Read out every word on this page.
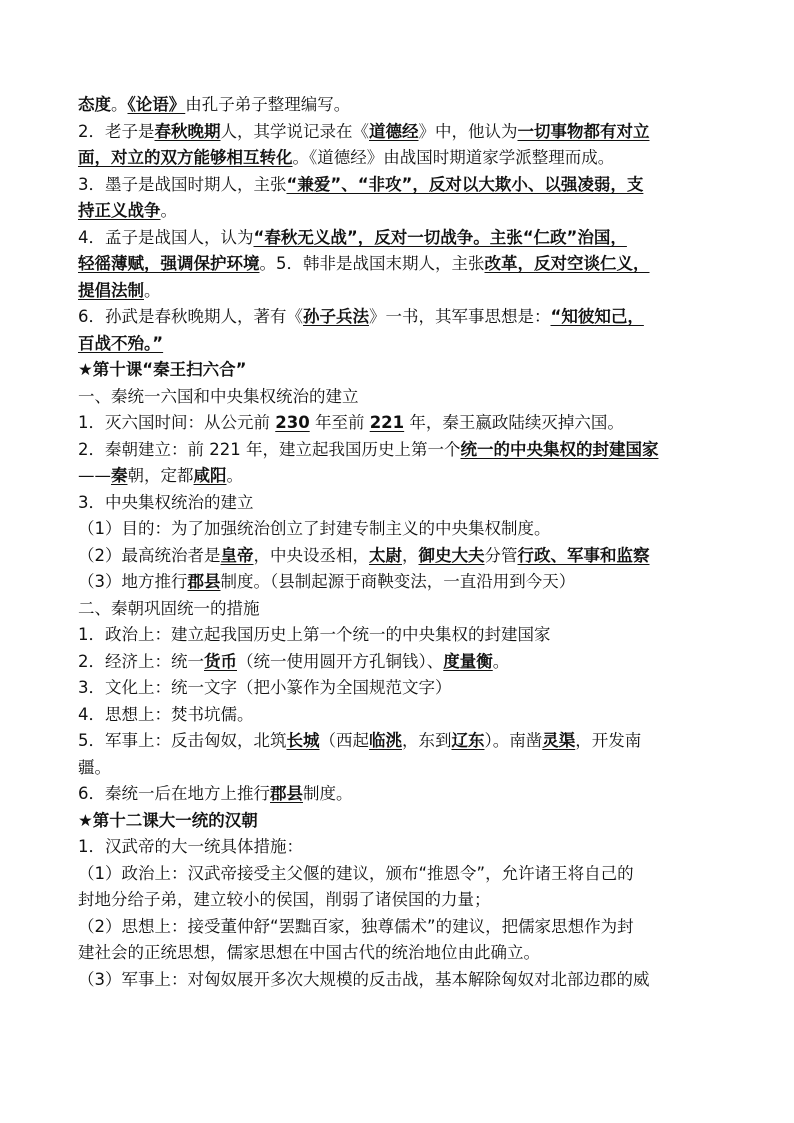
态度。《论语》由孔子弟子整理编写。
2．老子是春秋晚期人，其学说记录在《道德经》中，他认为一切事物都有对立
面，对立的双方能够相互转化。《道德经》由战国时期道家学派整理而成。
3．墨子是战国时期人，主张“兼爱”、“非攻”，反对以大欺小、以强凌弱，支
持正义战争。
4．孟子是战国人，认为“春秋无义战”，反对一切战争。主张“仁政”治国，
轻徭薄赋，强调保护环境。5．韩非是战国末期人，主张改革，反对空谈仁义，
提倡法制。
6．孙武是春秋晚期人，著有《孙子兵法》一书，其军事思想是：“知彼知己，
百战不殆。”
★第十课“秦王扫六合”
一、秦统一六国和中央集权统治的建立
1．灭六国时间：从公元前 230 年至前 221 年，秦王嬴政陆续灭掉六国。
2．秦朝建立：前 221 年，建立起我国历史上第一个统一的中央集权的封建国家
——秦朝，定都咸阳。
3．中央集权统治的建立
（1）目的：为了加强统治创立了封建专制主义的中央集权制度。
（2）最高统治者是皇帝，中央设丞相，太尉，御史大夫分管行政、军事和监察
（3）地方推行郡县制度。（县制起源于商鞅变法，一直沿用到今天）
二、秦朝巩固统一的措施
1．政治上：建立起我国历史上第一个统一的中央集权的封建国家
2．经济上：统一货币（统一使用圆开方孔铜钱）、度量衡。
3．文化上：统一文字（把小篆作为全国规范文字）
4．思想上：焚书坑儒。
5．军事上：反击匈奴，北筑长城（西起临洮，东到辽东）。南凿灵渠，开发南
疆。
6．秦统一后在地方上推行郡县制度。
★第十二课大一统的汉朝
1．汉武帝的大一统具体措施：
（1）政治上：汉武帝接受主父偃的建议，颁布“推恩令”，允许诸王将自己的
封地分给子弟，建立较小的侯国，削弱了诸侯国的力量；
（2）思想上：接受董仲舒“罢黜百家，独尊儒术”的建议，把儒家思想作为封
建社会的正统思想，儒家思想在中国古代的统治地位由此确立。
（3）军事上：对匈奴展开多次大规模的反击战，基本解除匈奴对北部边郡的威
